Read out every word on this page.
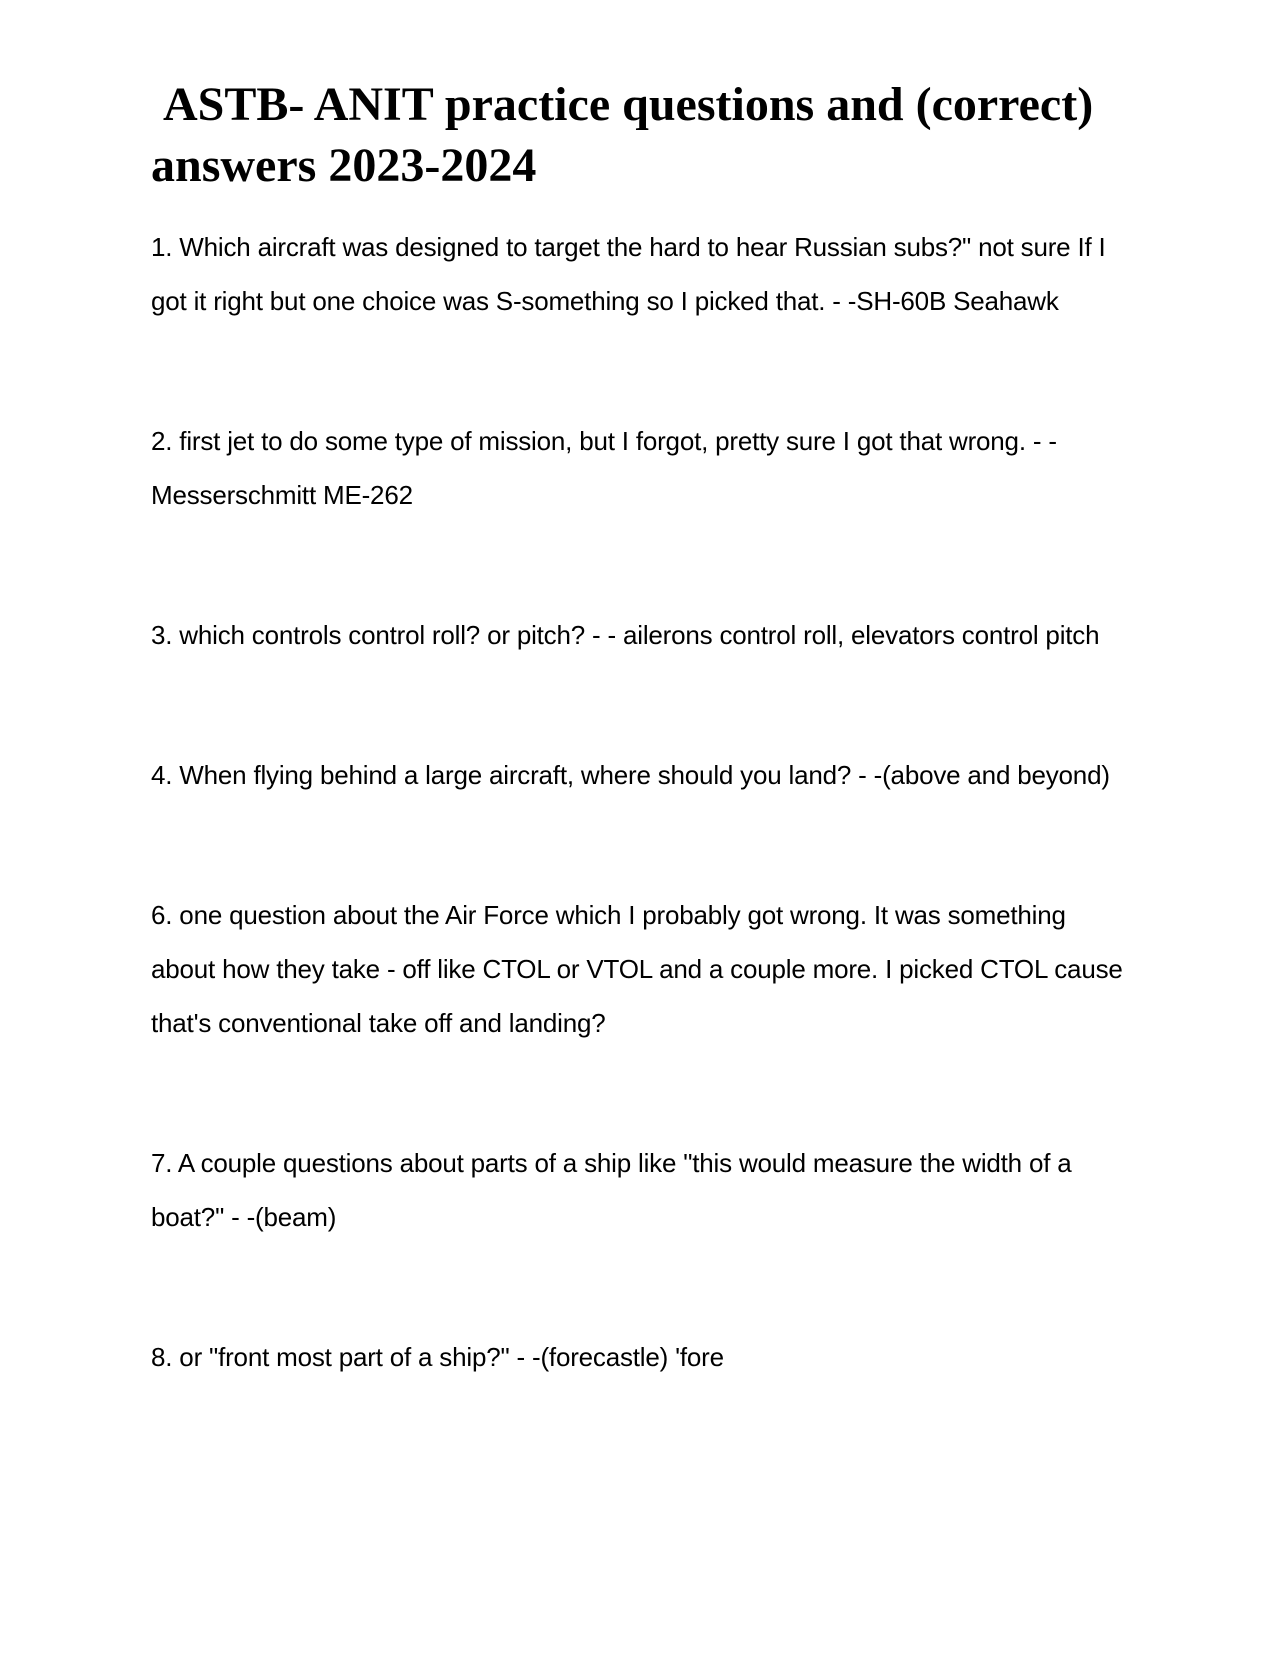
ASTB- ANIT practice questions and (correct) answers 2023-2024

1. Which aircraft was designed to target the hard to hear Russian subs?" not sure If I got it right but one choice was S-something so I picked that. - -SH-60B Seahawk

2. first jet to do some type of mission, but I forgot, pretty sure I got that wrong. - -Messerschmitt ME-262

3. which controls control roll? or pitch? - - ailerons control roll, elevators control pitch

4. When flying behind a large aircraft, where should you land? - -(above and beyond)

6. one question about the Air Force which I probably got wrong. It was something about how they take - off like CTOL or VTOL and a couple more. I picked CTOL cause that's conventional take off and landing?

7. A couple questions about parts of a ship like "this would measure the width of a boat?" - -(beam)

8. or "front most part of a ship?" - -(forecastle) 'fore
